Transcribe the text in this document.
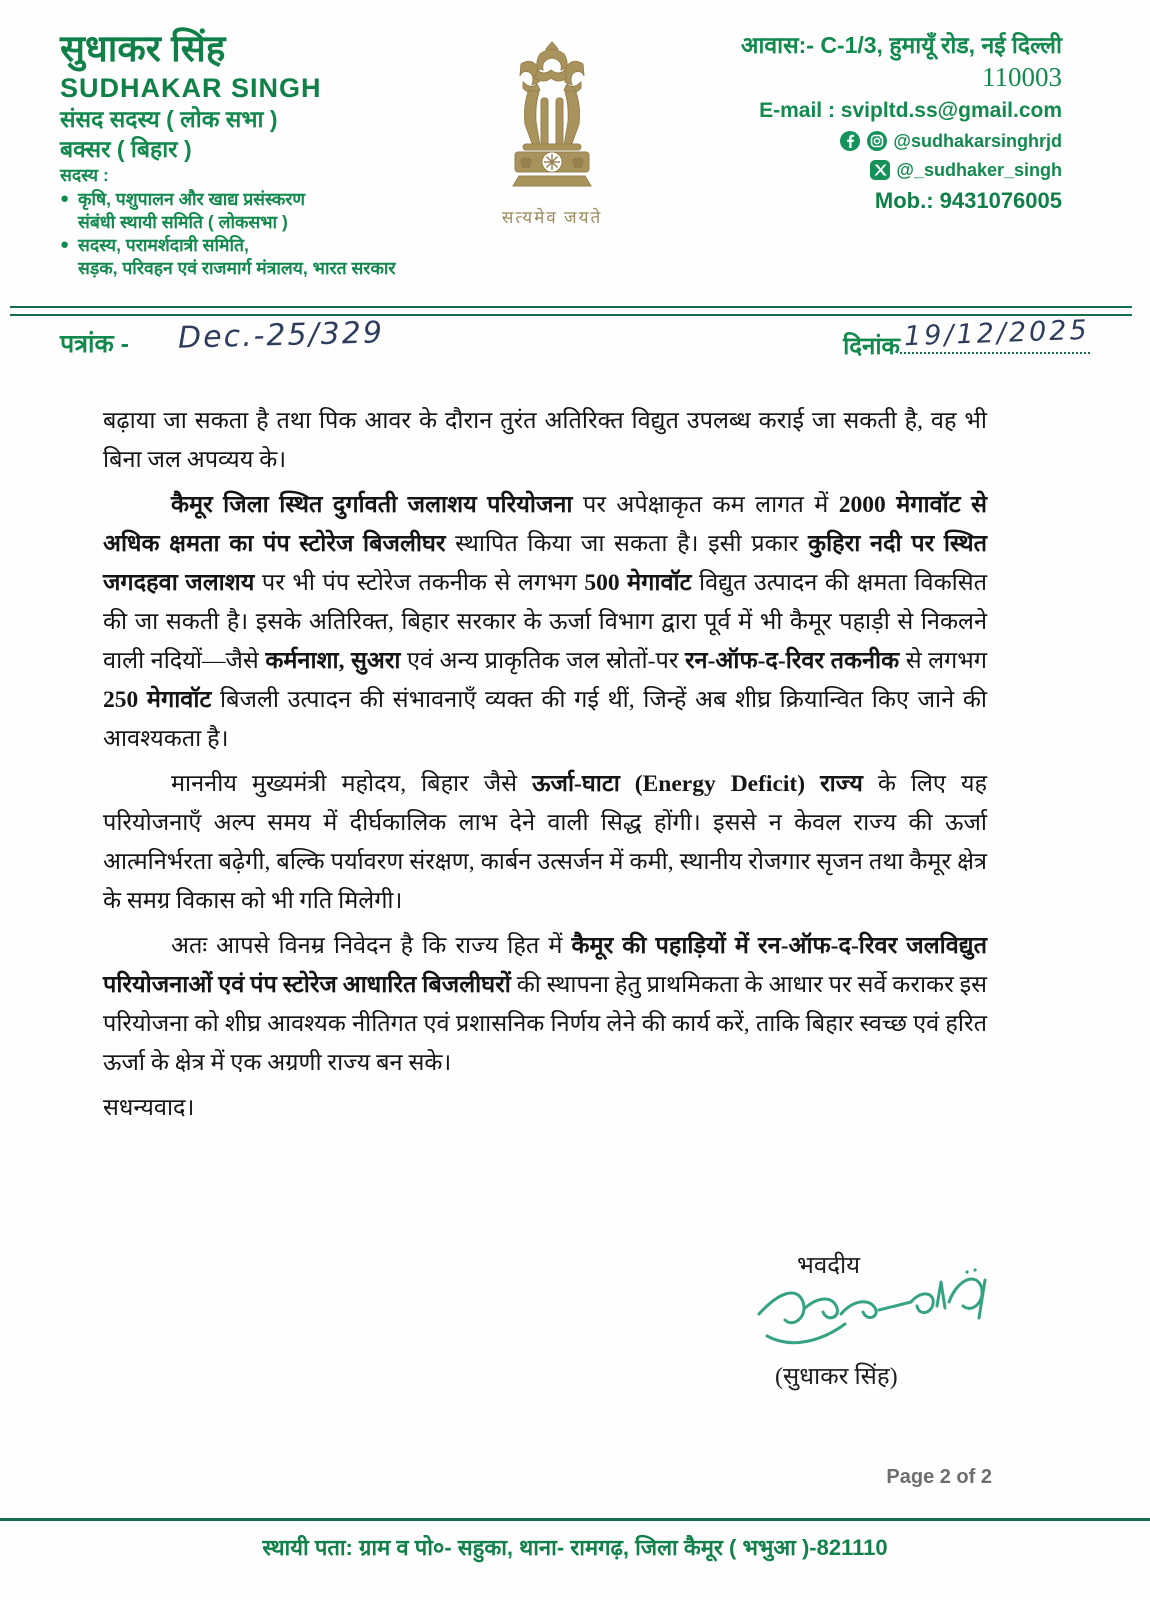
सुधाकर सिंह
SUDHAKAR SINGH
संसद सदस्य ( लोक सभा )
बक्सर ( बिहार )
सदस्य :
● कृषि, पशुपालन और खाद्य प्रसंस्करण
संबंधी स्थायी समिति ( लोकसभा )
● सदस्य, परामर्शदात्री समिति,
सड़क, परिवहन एवं राजमार्ग मंत्रालय, भारत सरकार
सत्यमेव जयते
आवास:- C-1/3, हुमायूँ रोड, नई दिल्ली
110003
E-mail : svipltd.ss@gmail.com
@sudhakarsinghrjd
@_sudhaker_singh
Mob.: 9431076005
पत्रांक - Dec.-25/329	दिनांक 19/12/2025

बढ़ाया जा सकता है तथा पिक आवर के दौरान तुरंत अतिरिक्त विद्युत उपलब्ध कराई जा सकती है, वह भी बिना जल अपव्यय के।

कैमूर जिला स्थित दुर्गावती जलाशय परियोजना पर अपेक्षाकृत कम लागत में 2000 मेगावॉट से अधिक क्षमता का पंप स्टोरेज बिजलीघर स्थापित किया जा सकता है। इसी प्रकार कुहिरा नदी पर स्थित जगदहवा जलाशय पर भी पंप स्टोरेज तकनीक से लगभग 500 मेगावॉट विद्युत उत्पादन की क्षमता विकसित की जा सकती है। इसके अतिरिक्त, बिहार सरकार के ऊर्जा विभाग द्वारा पूर्व में भी कैमूर पहाड़ी से निकलने वाली नदियों—जैसे कर्मनाशा, सुअरा एवं अन्य प्राकृतिक जल स्रोतों-पर रन-ऑफ-द-रिवर तकनीक से लगभग 250 मेगावॉट बिजली उत्पादन की संभावनाएँ व्यक्त की गई थीं, जिन्हें अब शीघ्र क्रियान्वित किए जाने की आवश्यकता है।

माननीय मुख्यमंत्री महोदय, बिहार जैसे ऊर्जा-घाटा (Energy Deficit) राज्य के लिए यह परियोजनाएँ अल्प समय में दीर्घकालिक लाभ देने वाली सिद्ध होंगी। इससे न केवल राज्य की ऊर्जा आत्मनिर्भरता बढ़ेगी, बल्कि पर्यावरण संरक्षण, कार्बन उत्सर्जन में कमी, स्थानीय रोजगार सृजन तथा कैमूर क्षेत्र के समग्र विकास को भी गति मिलेगी।

अतः आपसे विनम्र निवेदन है कि राज्य हित में कैमूर की पहाड़ियों में रन-ऑफ-द-रिवर जलविद्युत परियोजनाओं एवं पंप स्टोरेज आधारित बिजलीघरों की स्थापना हेतु प्राथमिकता के आधार पर सर्वे कराकर इस परियोजना को शीघ्र आवश्यक नीतिगत एवं प्रशासनिक निर्णय लेने की कार्य करें, ताकि बिहार स्वच्छ एवं हरित ऊर्जा के क्षेत्र में एक अग्रणी राज्य बन सके।

सधन्यवाद।

भवदीय
(सुधाकर सिंह)
Page 2 of 2
स्थायी पता: ग्राम व पो०- सहुका, थाना- रामगढ़, जिला कैमूर ( भभुआ )-821110
